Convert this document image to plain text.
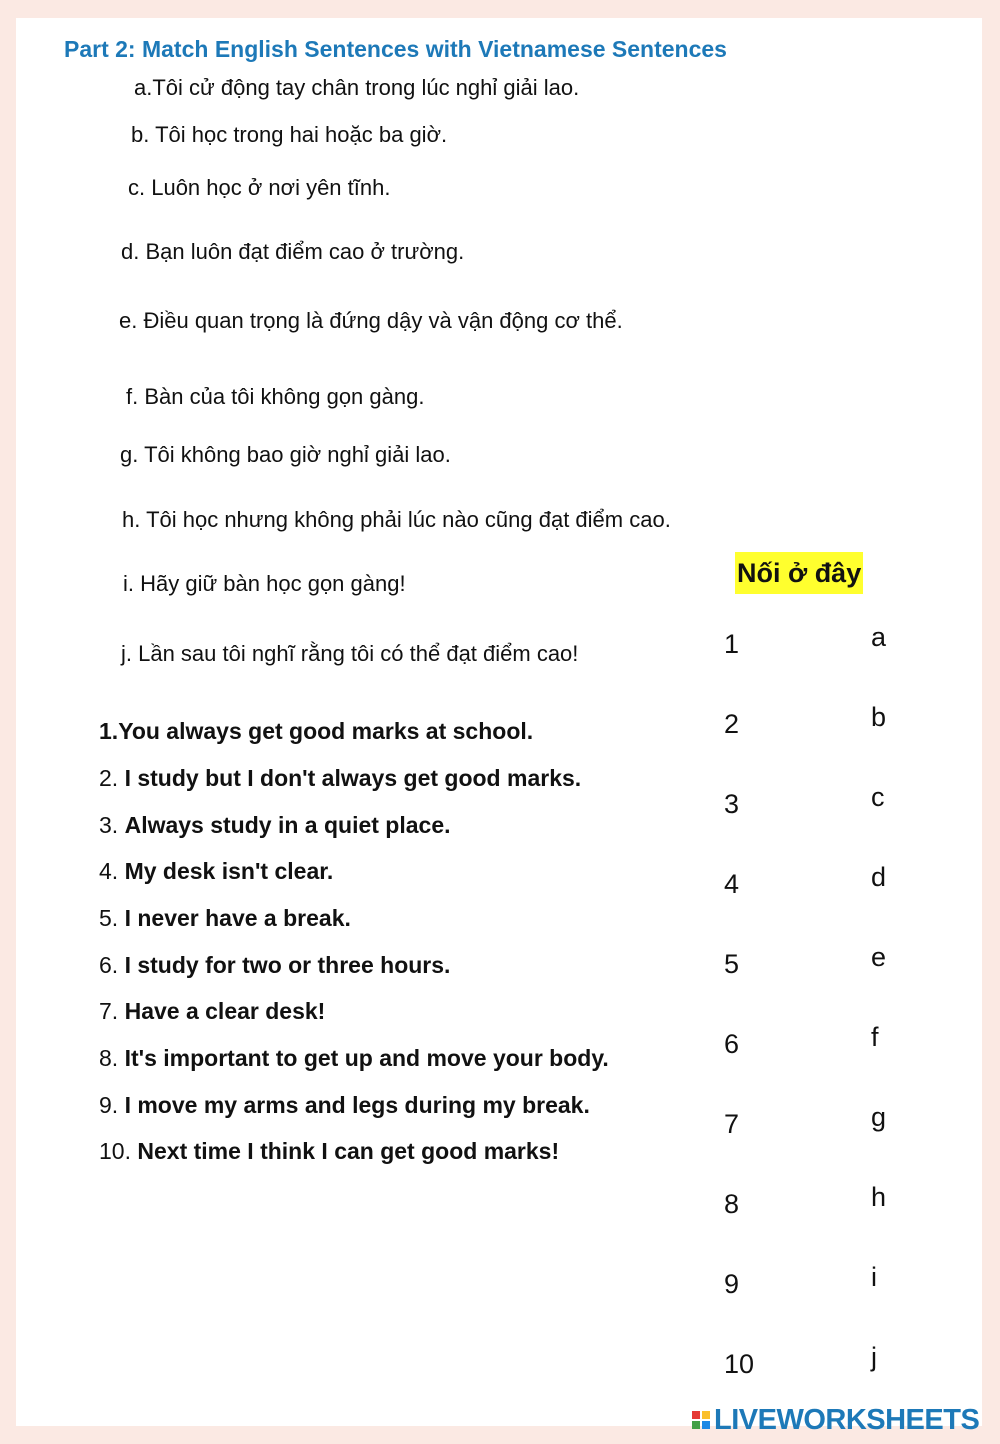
Part 2: Match English Sentences with Vietnamese Sentences
a.Tôi cử động tay chân trong lúc nghỉ giải lao.
b. Tôi học trong hai hoặc ba giờ.
c. Luôn học ở nơi yên tĩnh.
d. Bạn luôn đạt điểm cao ở trường.
e. Điều quan trọng là đứng dậy và vận động cơ thể.
f. Bàn của tôi không gọn gàng.
g. Tôi không bao giờ nghỉ giải lao.
h. Tôi học nhưng không phải lúc nào cũng đạt điểm cao.
i. Hãy giữ bàn học gọn gàng!
j. Lần sau tôi nghĩ rằng tôi có thể đạt điểm cao!
1.You always get good marks at school.
2. I study but I don't always get good marks.
3. Always study in a quiet place.
4. My desk isn't clear.
5. I never have a break.
6. I study for two or three hours.
7. Have a clear desk!
8. It's important to get up and move your body.
9. I move my arms and legs during my break.
10. Next time I think I can get good marks!
Nối ở đây
1
2
3
4
5
6
7
8
9
10
a
b
c
d
e
f
g
h
i
j
LIVEWORKSHEETS
